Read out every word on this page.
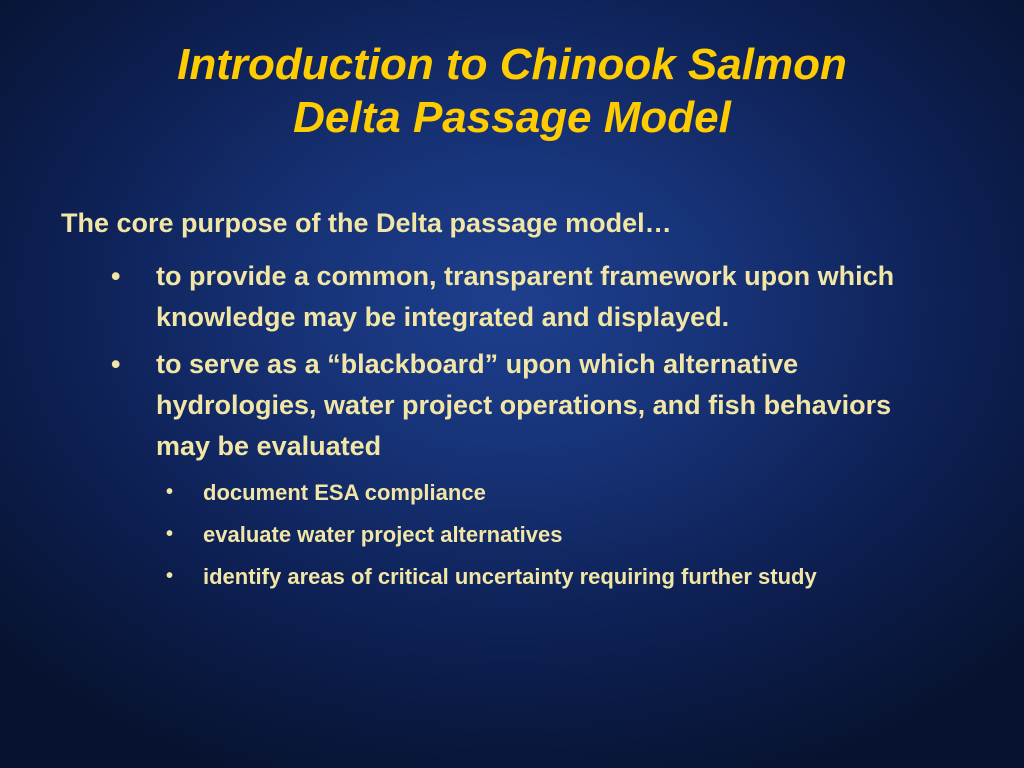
Introduction to Chinook Salmon
Delta Passage Model

The core purpose of the Delta passage model…

•	to provide a common, transparent framework upon which knowledge may be integrated and displayed.
•	to serve as a “blackboard” upon which alternative hydrologies, water project operations, and fish behaviors may be evaluated
•	document ESA compliance
•	evaluate water project alternatives
•	identify areas of critical uncertainty requiring further study
